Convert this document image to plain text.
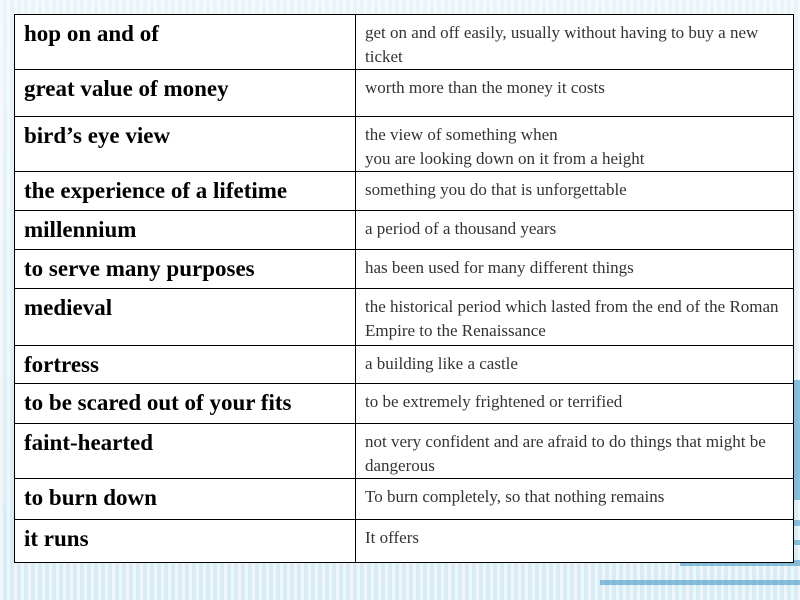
hop on and of	get on and off easily, usually without having to buy a new ticket
great value of money	worth more than the money it costs
bird’s eye view	the view of something when
you are looking down on it from a height
the experience of a lifetime	something you do that is unforgettable
millennium	a period of a thousand years
to serve many purposes	has been used for many different things
medieval	the historical period which lasted from the end of the Roman Empire to the Renaissance
fortress	a building like a castle
to be scared out of your fits	to be extremely frightened or terrified
faint-hearted	not very confident and are afraid to do things that might be dangerous
to burn down	To burn completely, so that nothing remains
it runs	It offers
